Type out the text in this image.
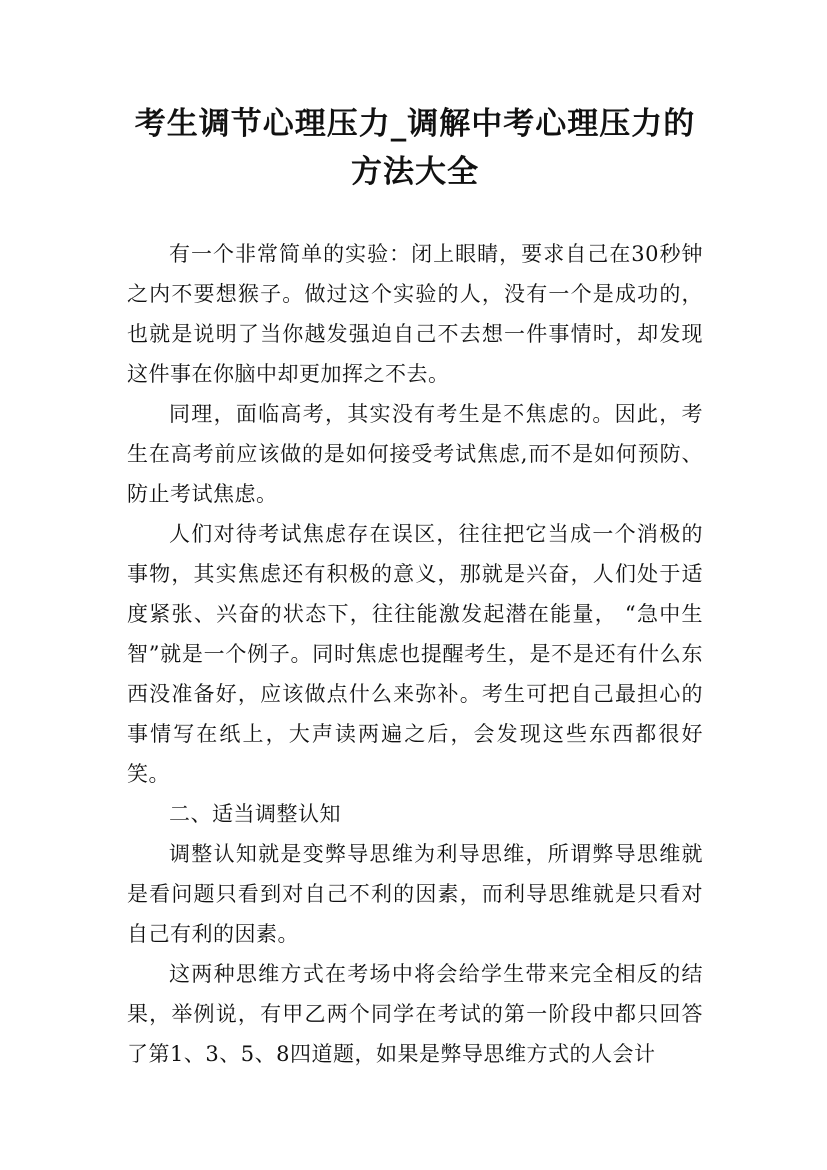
考生调节心理压力_调解中考心理压力的方法大全

有一个非常简单的实验：闭上眼睛，要求自己在30秒钟之内不要想猴子。做过这个实验的人，没有一个是成功的，也就是说明了当你越发强迫自己不去想一件事情时，却发现这件事在你脑中却更加挥之不去。

同理，面临高考，其实没有考生是不焦虑的。因此，考生在高考前应该做的是如何接受考试焦虑,而不是如何预防、防止考试焦虑。

人们对待考试焦虑存在误区，往往把它当成一个消极的事物，其实焦虑还有积极的意义，那就是兴奋，人们处于适度紧张、兴奋的状态下，往往能激发起潜在能量， “急中生智”就是一个例子。同时焦虑也提醒考生，是不是还有什么东西没准备好，应该做点什么来弥补。考生可把自己最担心的事情写在纸上，大声读两遍之后，会发现这些东西都很好笑。

二、适当调整认知

调整认知就是变弊导思维为利导思维，所谓弊导思维就是看问题只看到对自己不利的因素，而利导思维就是只看对自己有利的因素。

这两种思维方式在考场中将会给学生带来完全相反的结果，举例说，有甲乙两个同学在考试的第一阶段中都只回答了第1、3、5、8四道题，如果是弊导思维方式的人会计
